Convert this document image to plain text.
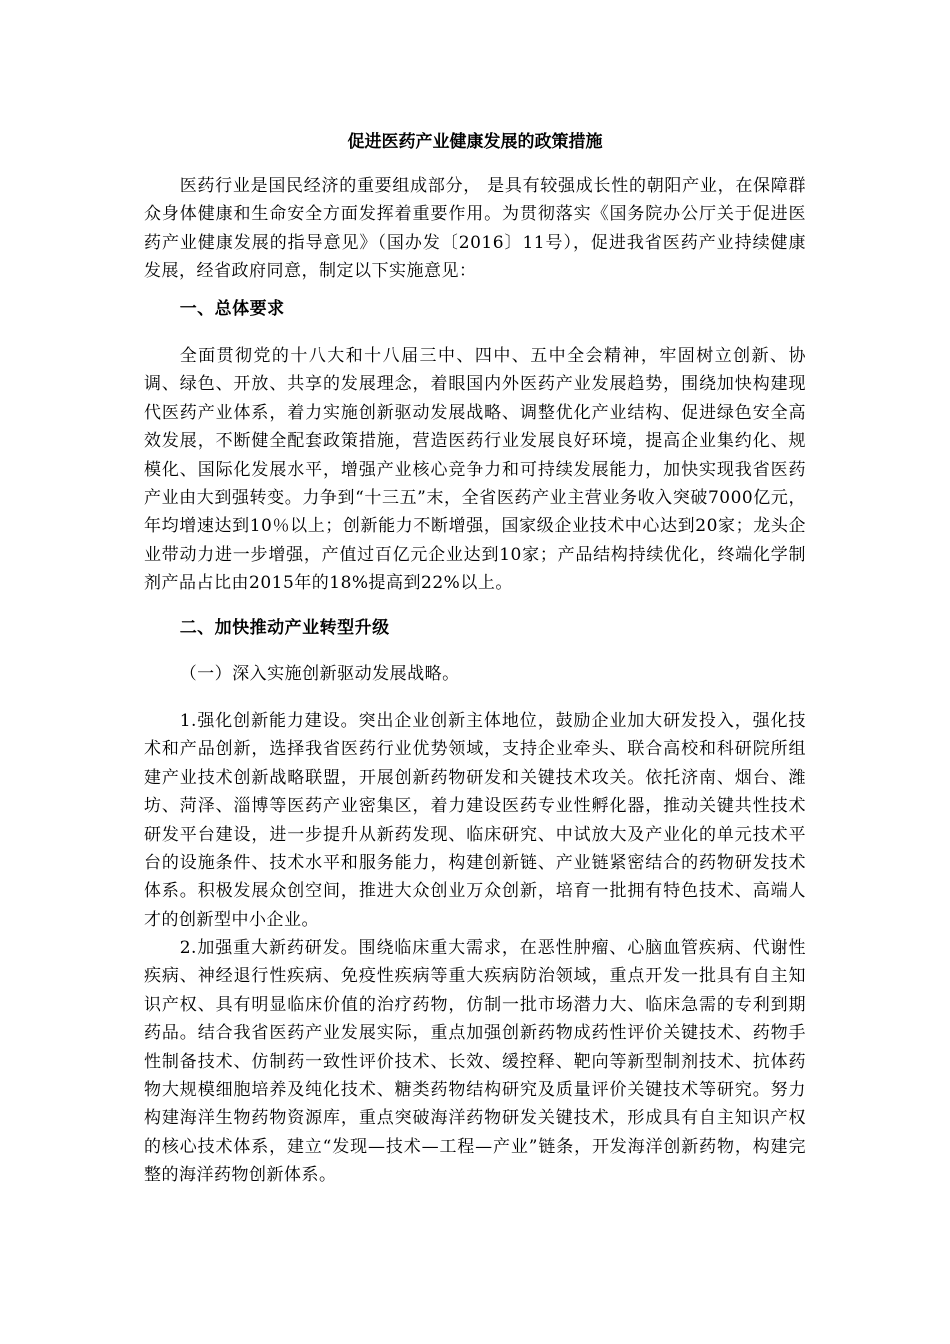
促进医药产业健康发展的政策措施

医药行业是国民经济的重要组成部分， 是具有较强成长性的朝阳产业，在保障群众身体健康和生命安全方面发挥着重要作用。为贯彻落实《国务院办公厅关于促进医药产业健康发展的指导意见》（国办发〔2016〕11号），促进我省医药产业持续健康发展，经省政府同意，制定以下实施意见：

一、总体要求

全面贯彻党的十八大和十八届三中、四中、五中全会精神，牢固树立创新、协调、绿色、开放、共享的发展理念，着眼国内外医药产业发展趋势，围绕加快构建现代医药产业体系，着力实施创新驱动发展战略、调整优化产业结构、促进绿色安全高效发展，不断健全配套政策措施，营造医药行业发展良好环境，提高企业集约化、规模化、国际化发展水平，增强产业核心竞争力和可持续发展能力，加快实现我省医药产业由大到强转变。力争到“十三五”末，全省医药产业主营业务收入突破7000亿元，年均增速达到10％以上；创新能力不断增强，国家级企业技术中心达到20家；龙头企业带动力进一步增强，产值过百亿元企业达到10家；产品结构持续优化，终端化学制剂产品占比由2015年的18%提高到22%以上。

二、加快推动产业转型升级

（一）深入实施创新驱动发展战略。

1.强化创新能力建设。突出企业创新主体地位，鼓励企业加大研发投入，强化技术和产品创新，选择我省医药行业优势领域，支持企业牵头、联合高校和科研院所组建产业技术创新战略联盟，开展创新药物研发和关键技术攻关。依托济南、烟台、潍坊、菏泽、淄博等医药产业密集区，着力建设医药专业性孵化器，推动关键共性技术研发平台建设，进一步提升从新药发现、临床研究、中试放大及产业化的单元技术平台的设施条件、技术水平和服务能力，构建创新链、产业链紧密结合的药物研发技术体系。积极发展众创空间，推进大众创业万众创新，培育一批拥有特色技术、高端人才的创新型中小企业。

2.加强重大新药研发。围绕临床重大需求，在恶性肿瘤、心脑血管疾病、代谢性疾病、神经退行性疾病、免疫性疾病等重大疾病防治领域，重点开发一批具有自主知识产权、具有明显临床价值的治疗药物，仿制一批市场潜力大、临床急需的专利到期药品。结合我省医药产业发展实际，重点加强创新药物成药性评价关键技术、药物手性制备技术、仿制药一致性评价技术、长效、缓控释、靶向等新型制剂技术、抗体药物大规模细胞培养及纯化技术、糖类药物结构研究及质量评价关键技术等研究。努力构建海洋生物药物资源库，重点突破海洋药物研发关键技术，形成具有自主知识产权的核心技术体系，建立“发现—技术—工程—产业”链条，开发海洋创新药物，构建完整的海洋药物创新体系。
